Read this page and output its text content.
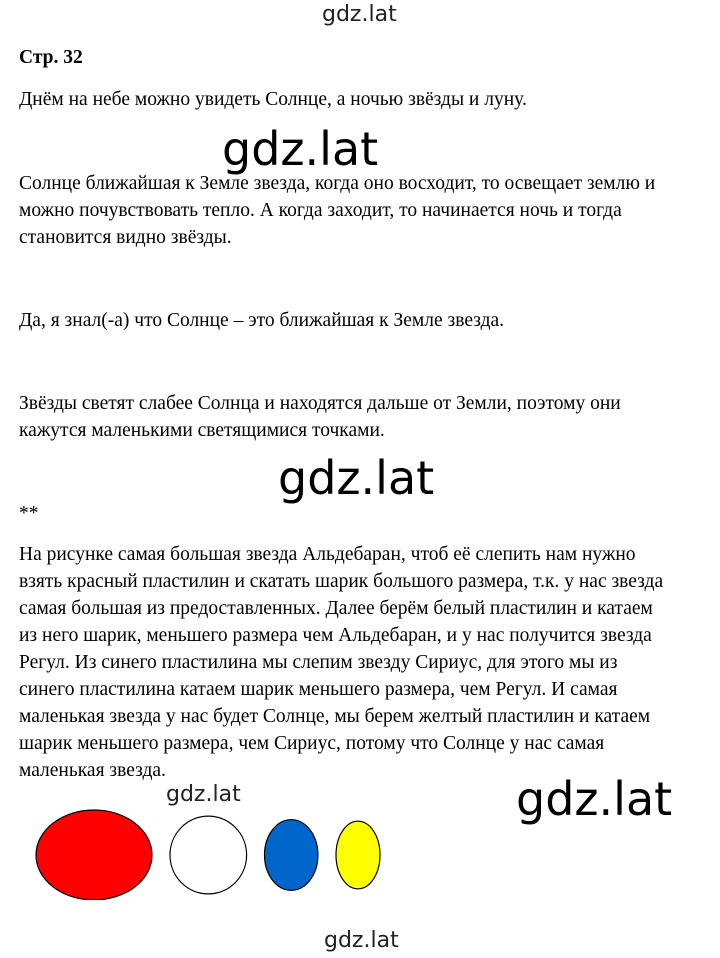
gdz.lat
Стр. 32
Днём на небе можно увидеть Солнце, а ночью звёзды и луну.
gdz.lat
Солнце ближайшая к Земле звезда, когда оно восходит, то освещает землю и
можно почувствовать тепло. А когда заходит, то начинается ночь и тогда
становится видно звёзды.
Да, я знал(-а) что Солнце – это ближайшая к Земле звезда.
Звёзды светят слабее Солнца и находятся дальше от Земли, поэтому они
кажутся маленькими светящимися точками.
gdz.lat
**
На рисунке самая большая звезда Альдебаран, чтоб её слепить нам нужно
взять красный пластилин и скатать шарик большого размера, т.к. у нас звезда
самая большая из предоставленных. Далее берём белый пластилин и катаем
из него шарик, меньшего размера чем Альдебаран, и у нас получится звезда
Регул. Из синего пластилина мы слепим звезду Сириус, для этого мы из
синего пластилина катаем шарик меньшего размера, чем Регул. И самая
маленькая звезда у нас будет Солнце, мы берем желтый пластилин и катаем
шарик меньшего размера, чем Сириус, потому что Солнце у нас самая
маленькая звезда.
gdz.lat	gdz.lat
gdz.lat
